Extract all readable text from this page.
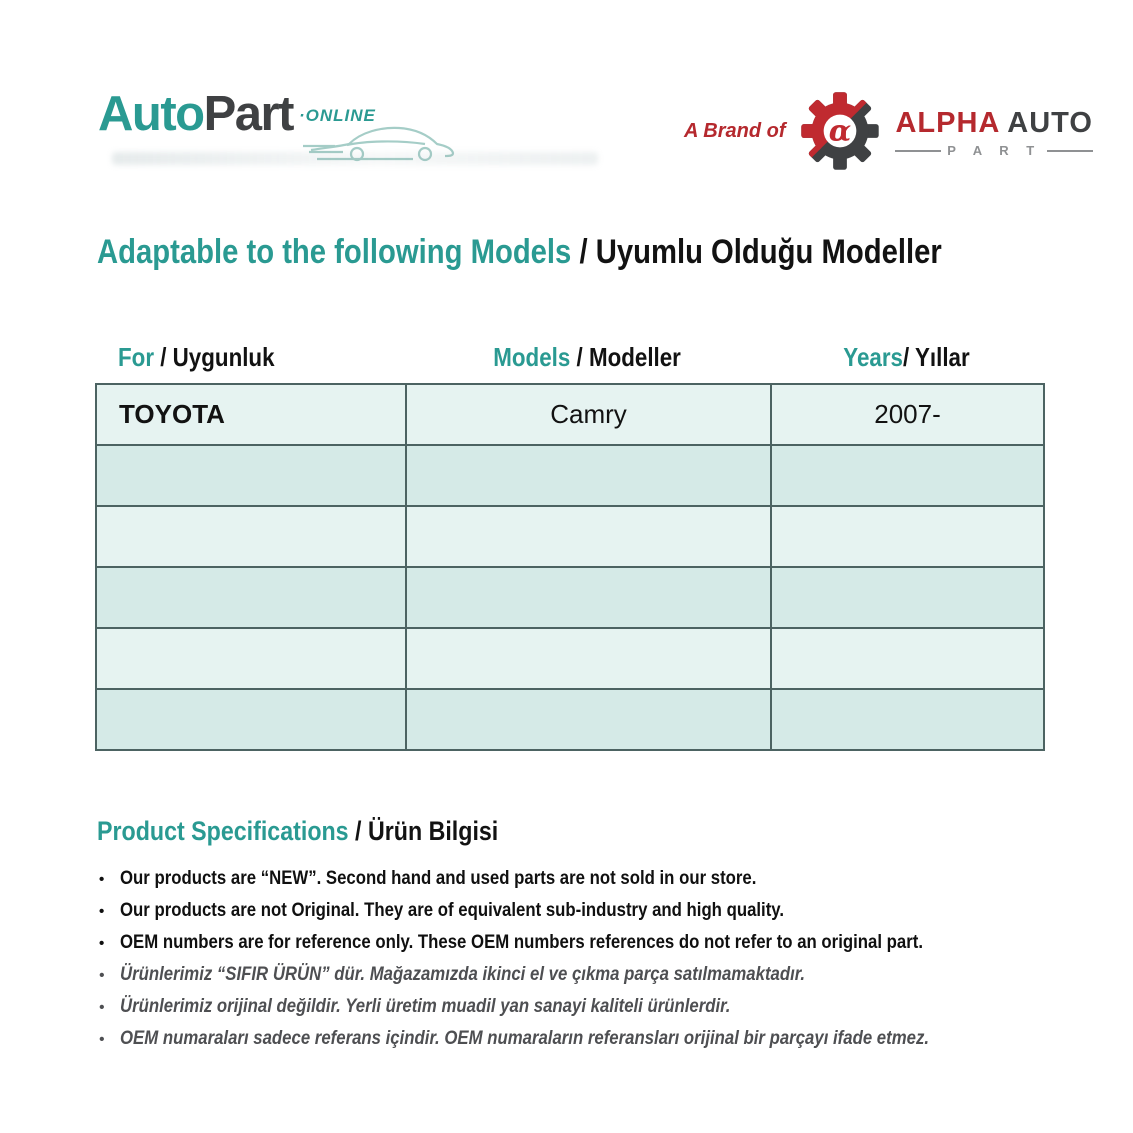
AutoPart ·ONLINE
A Brand of α ALPHA AUTO
P A R T
Adaptable to the following Models / Uyumlu Olduğu Modeller
For / Uygunluk	Models / Modeller	Years/ Yıllar
TOYOTA	Camry	2007-

Product Specifications / Ürün Bilgisi
• Our products are “NEW”. Second hand and used parts are not sold in our store.
• Our products are not Original. They are of equivalent sub-industry and high quality.
• OEM numbers are for reference only. These OEM numbers references do not refer to an original part.
• Ürünlerimiz “SIFIR ÜRÜN” dür. Mağazamızda ikinci el ve çıkma parça satılmamaktadır.
• Ürünlerimiz orijinal değildir. Yerli üretim muadil yan sanayi kaliteli ürünlerdir.
• OEM numaraları sadece referans içindir. OEM numaraların referansları orijinal bir parçayı ifade etmez.
